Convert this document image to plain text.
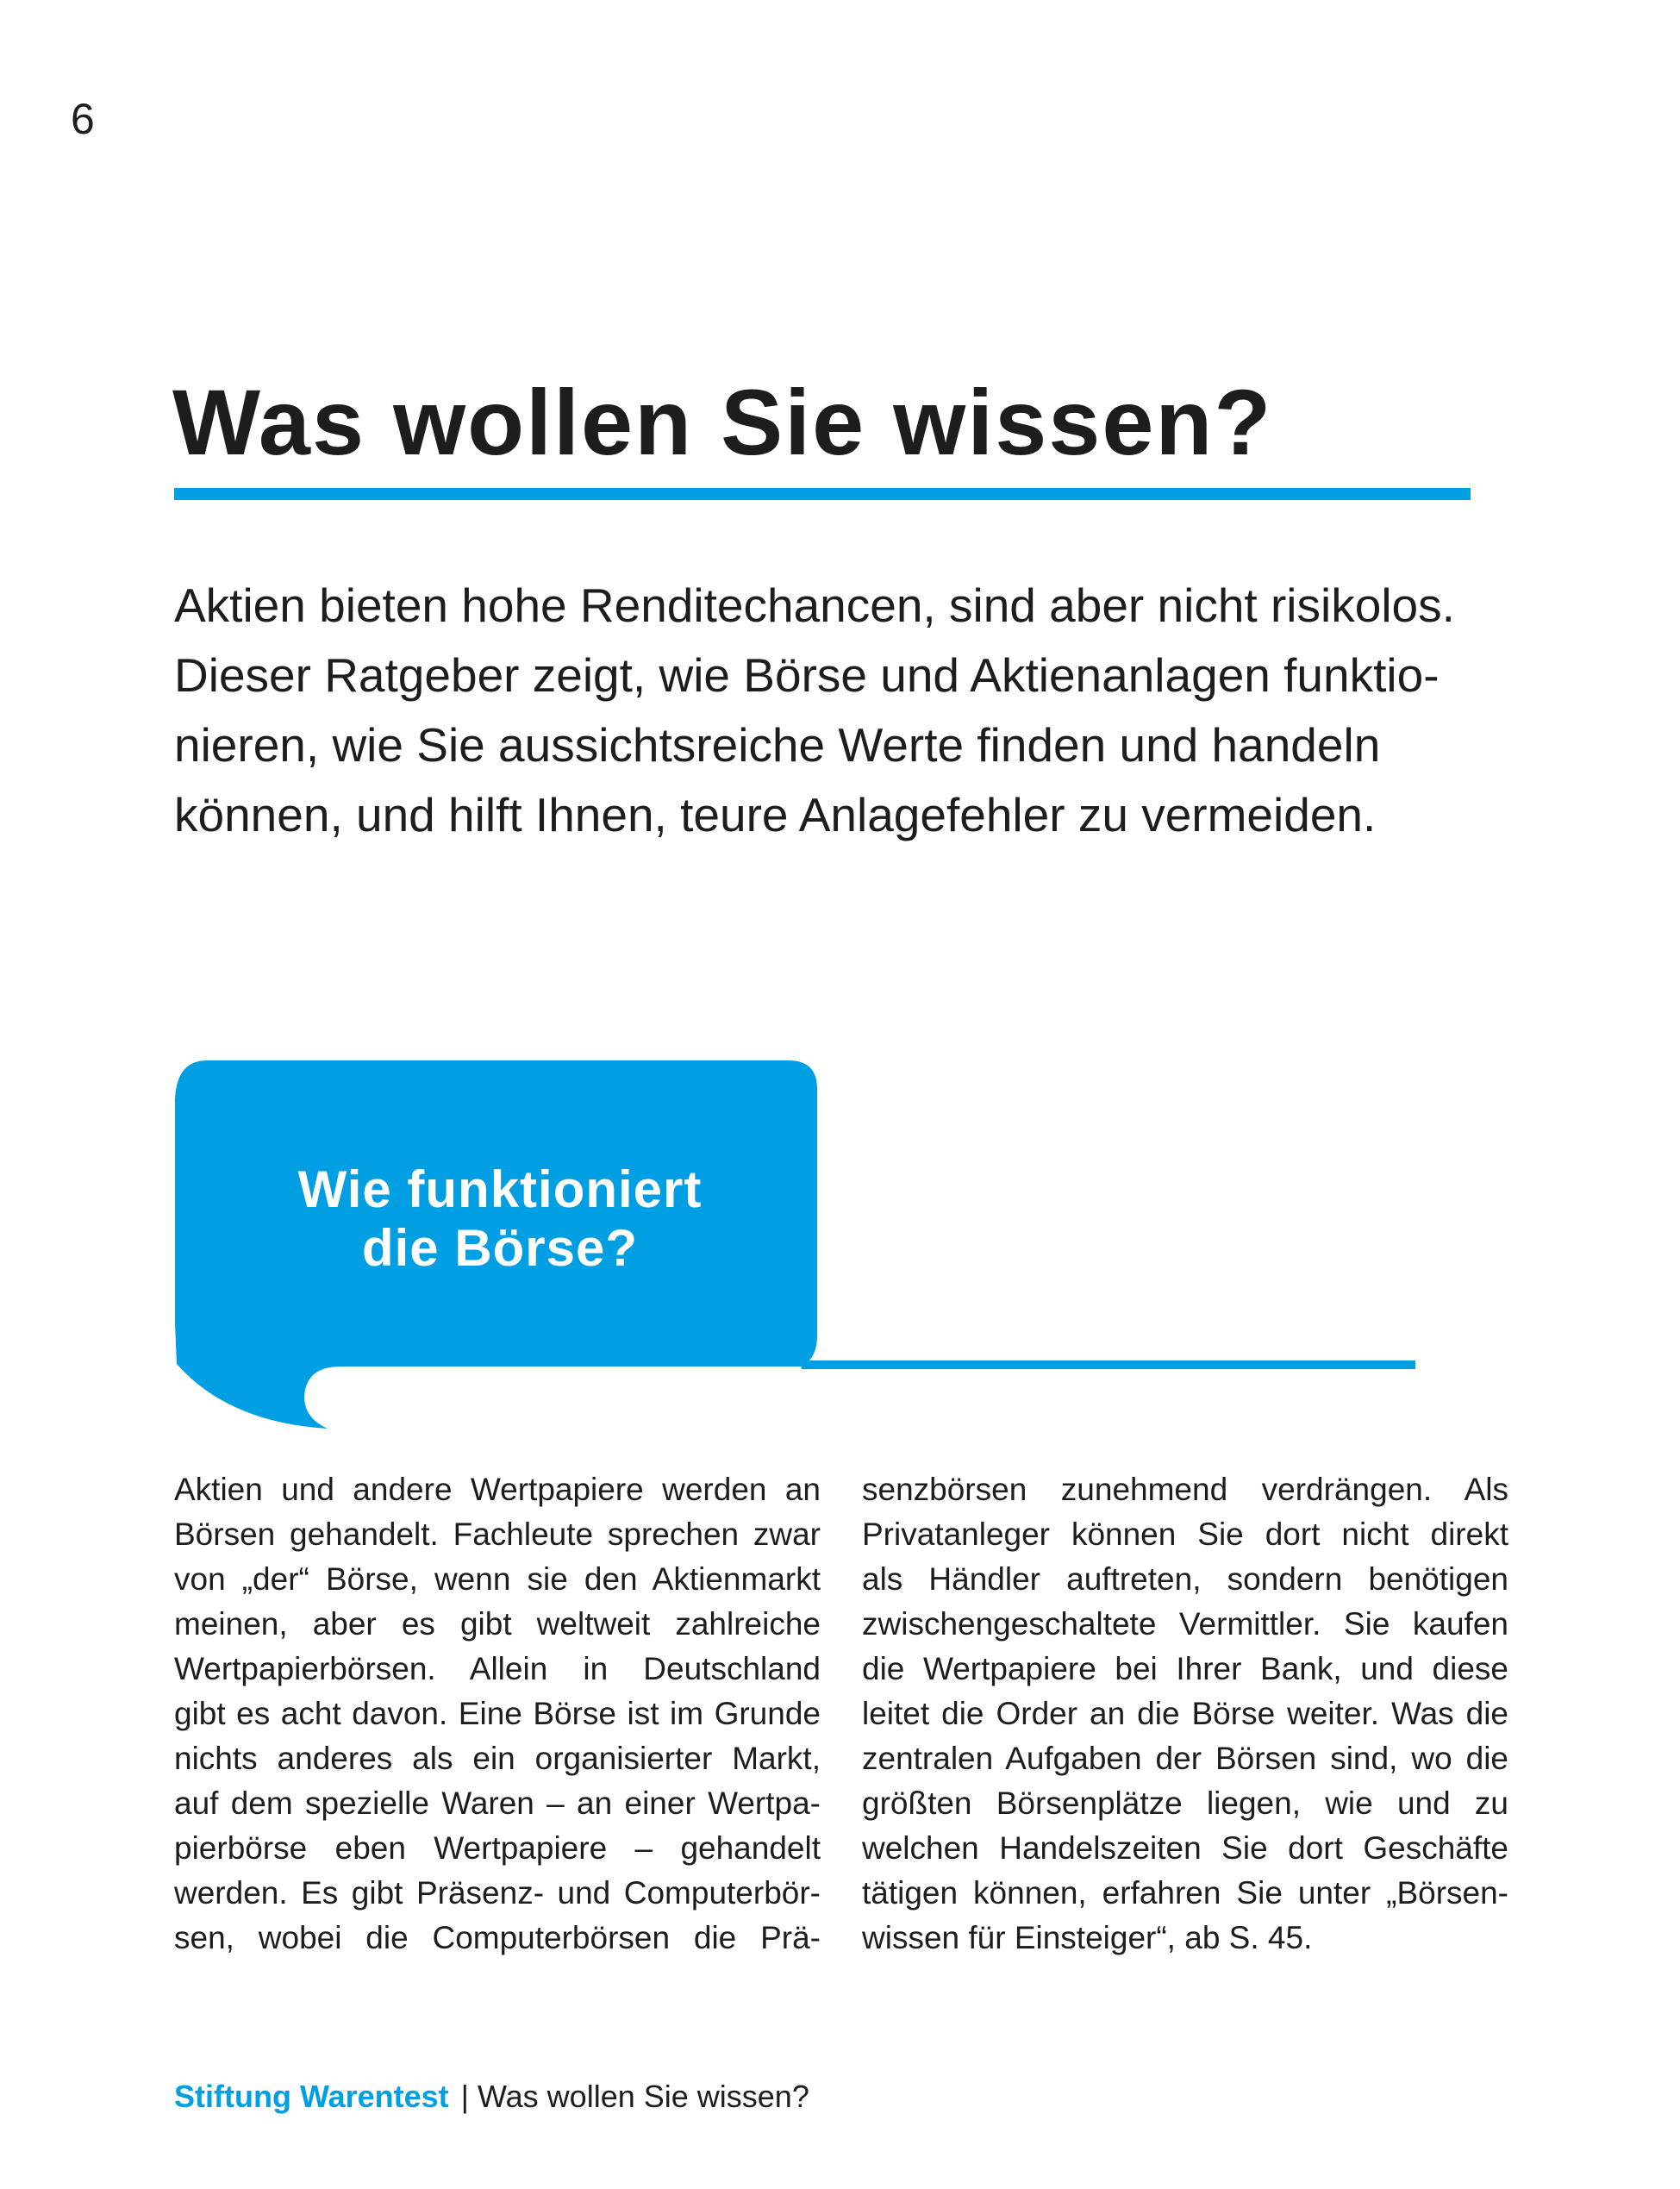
6
Was wollen Sie wissen?
Aktien bieten hohe Renditechancen, sind aber nicht risikolos.
Dieser Ratgeber zeigt, wie Börse und Aktienanlagen funktio-
nieren, wie Sie aussichtsreiche Werte finden und handeln
können, und hilft Ihnen, teure Anlagefehler zu vermeiden.
Wie funktioniert
die Börse?
Aktien und andere Wertpapiere werden an
Börsen gehandelt. Fachleute sprechen zwar
von „der“ Börse, wenn sie den Aktienmarkt
meinen, aber es gibt weltweit zahlreiche
Wertpapierbörsen. Allein in Deutschland
gibt es acht davon. Eine Börse ist im Grunde
nichts anderes als ein organisierter Markt,
auf dem spezielle Waren – an einer Wertpa-
pierbörse eben Wertpapiere – gehandelt
werden. Es gibt Präsenz- und Computerbör-
sen, wobei die Computerbörsen die Prä-
senzbörsen zunehmend verdrängen. Als
Privatanleger können Sie dort nicht direkt
als Händler auftreten, sondern benötigen
zwischengeschaltete Vermittler. Sie kaufen
die Wertpapiere bei Ihrer Bank, und diese
leitet die Order an die Börse weiter. Was die
zentralen Aufgaben der Börsen sind, wo die
größten Börsenplätze liegen, wie und zu
welchen Handelszeiten Sie dort Geschäfte
tätigen können, erfahren Sie unter „Börsen-
wissen für Einsteiger“, ab S. 45.
Stiftung Warentest | Was wollen Sie wissen?
